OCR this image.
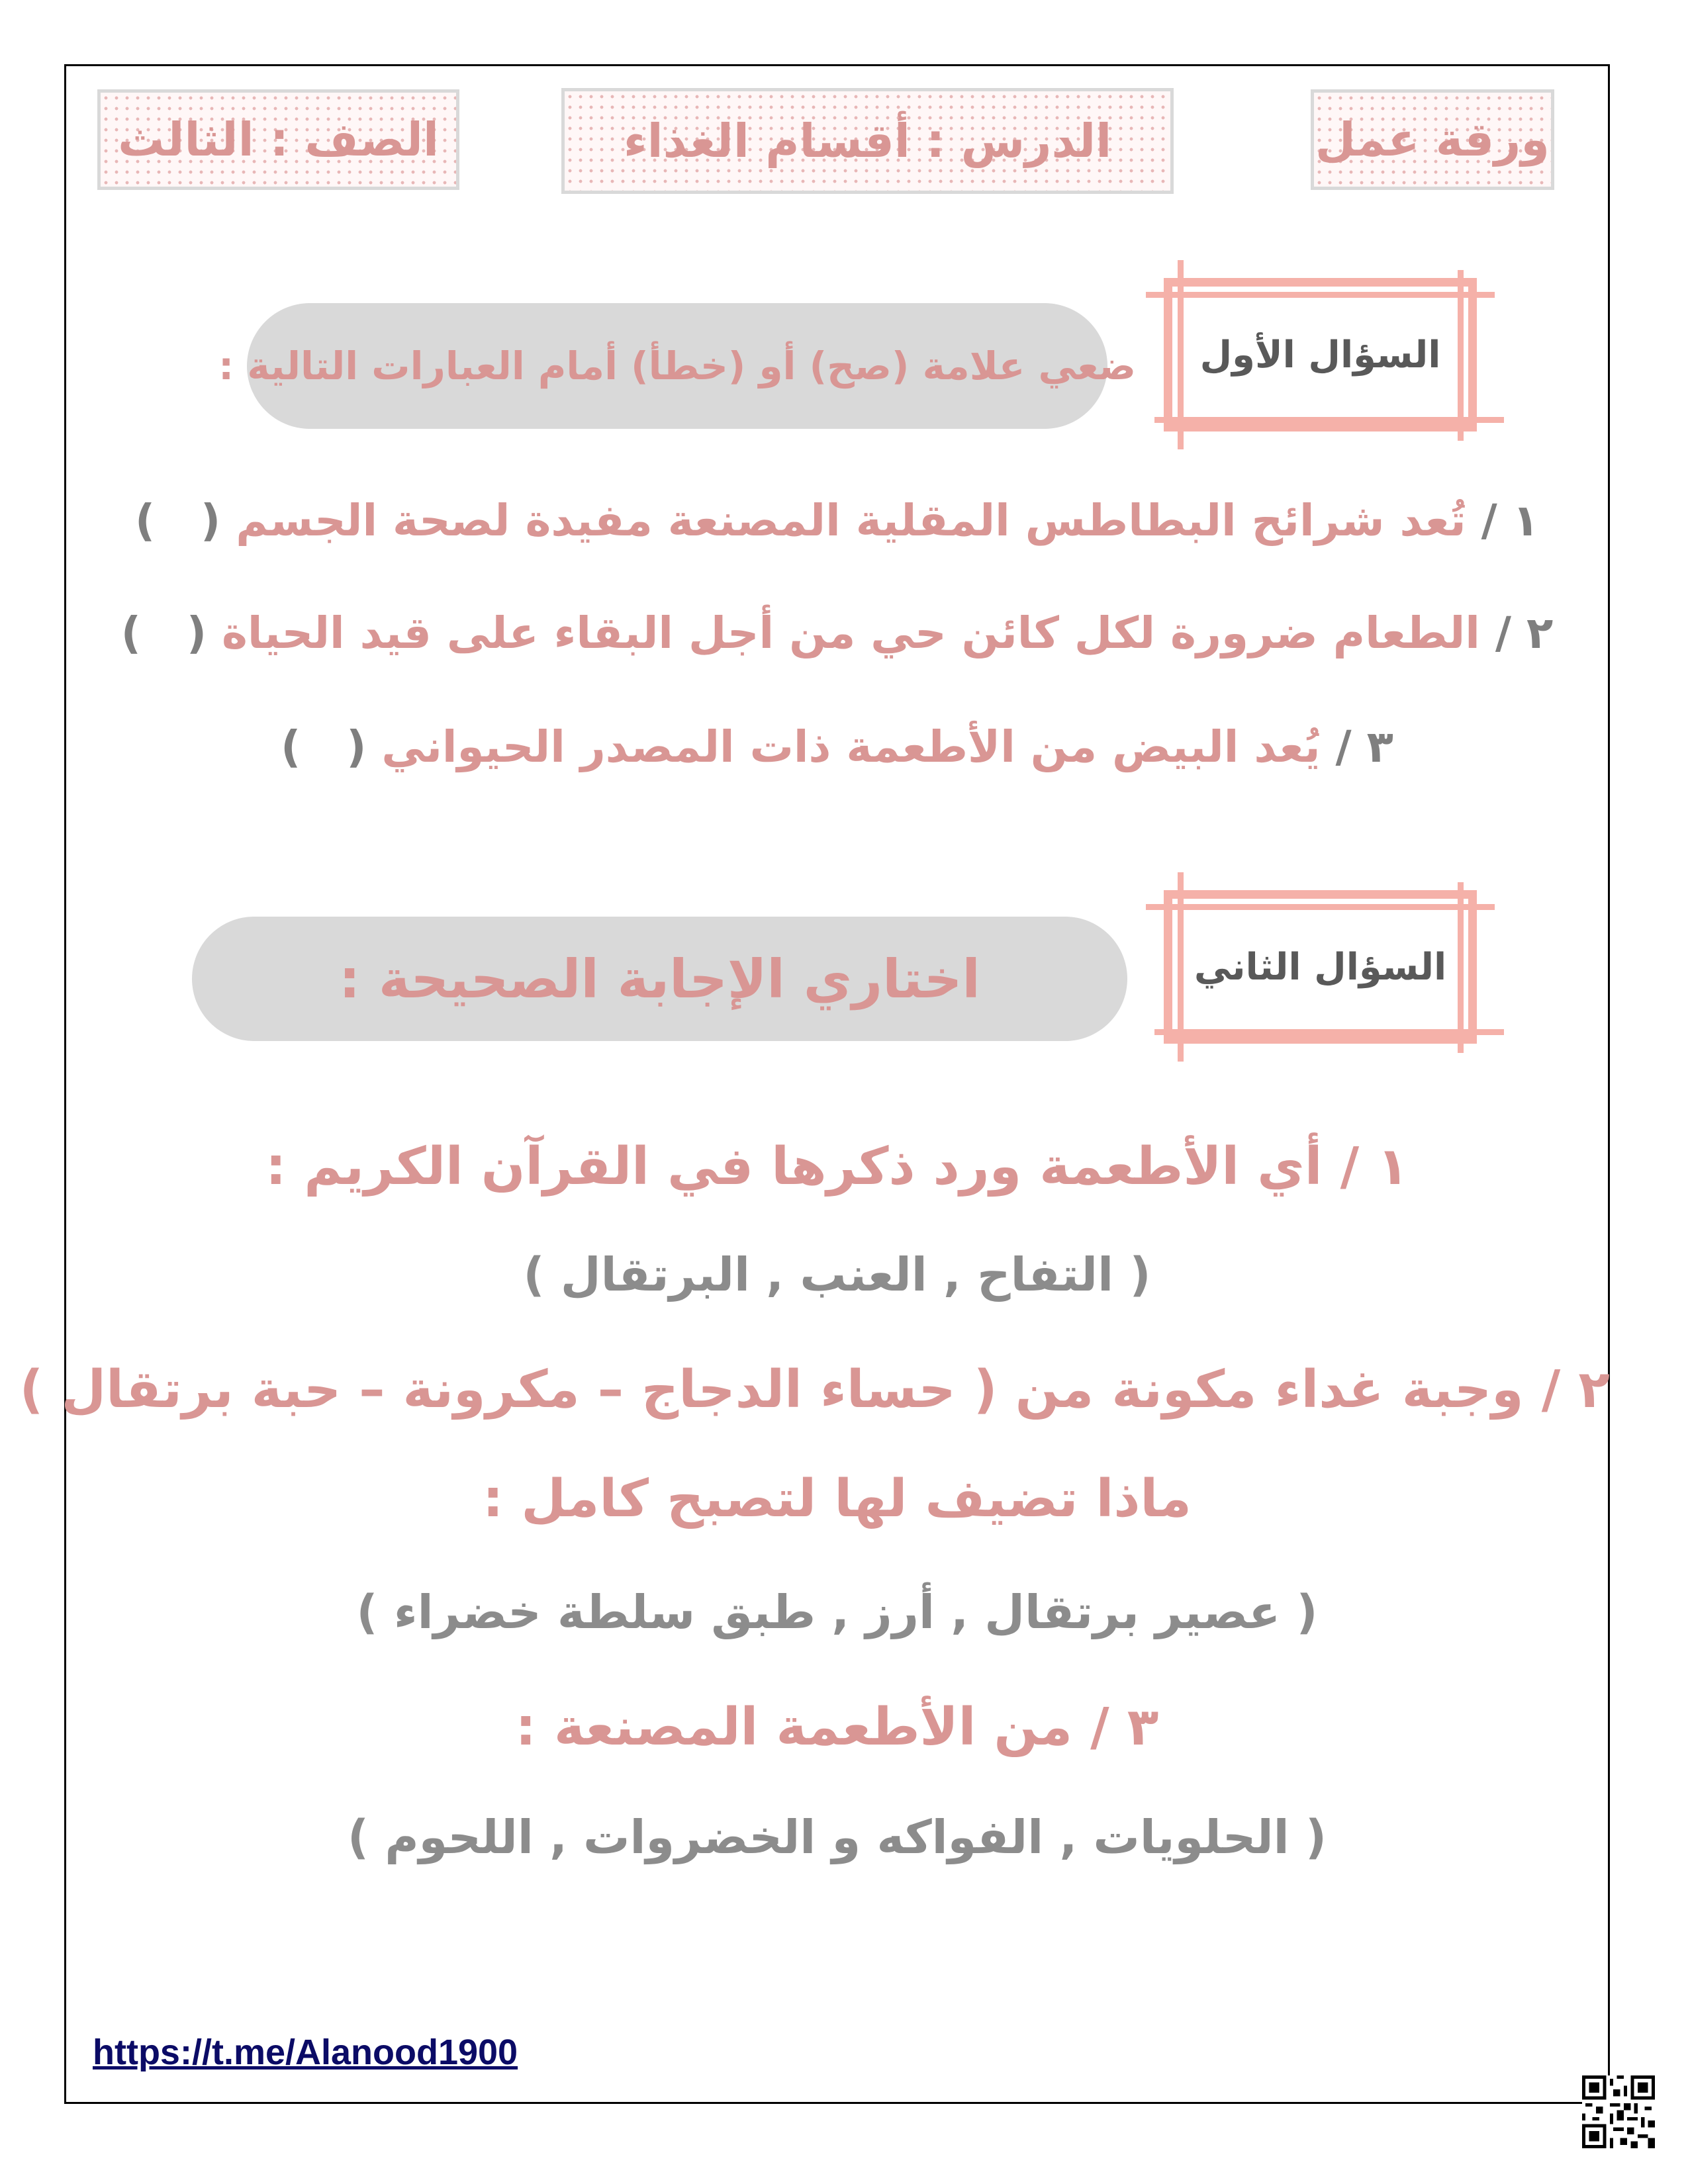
ورقة عمل
الدرس : أقسام الغذاء
الصف : الثالث
السؤال الأول
ضعي علامة (صح) أو (خطأ) أمام العبارات التالية :
١ / تُعد شرائح البطاطس المقلية المصنعة مفيدة لصحة الجسم (   )
٢ / الطعام ضرورة لكل كائن حي من أجل البقاء على قيد الحياة (   )
٣ / يُعد البيض من الأطعمة ذات المصدر الحيواني (   )
السؤال الثاني
اختاري الإجابة الصحيحة :
١ / أي الأطعمة ورد ذكرها في القرآن الكريم :
( التفاح , العنب , البرتقال )
٢ / وجبة غداء مكونة من ( حساء الدجاج – مكرونة – حبة برتقال )
ماذا تضيف لها لتصبح كامل :
( عصير برتقال , أرز , طبق سلطة خضراء )
٣ / من الأطعمة المصنعة :
( الحلويات , الفواكه و الخضروات , اللحوم )
https://t.me/Alanood1900
